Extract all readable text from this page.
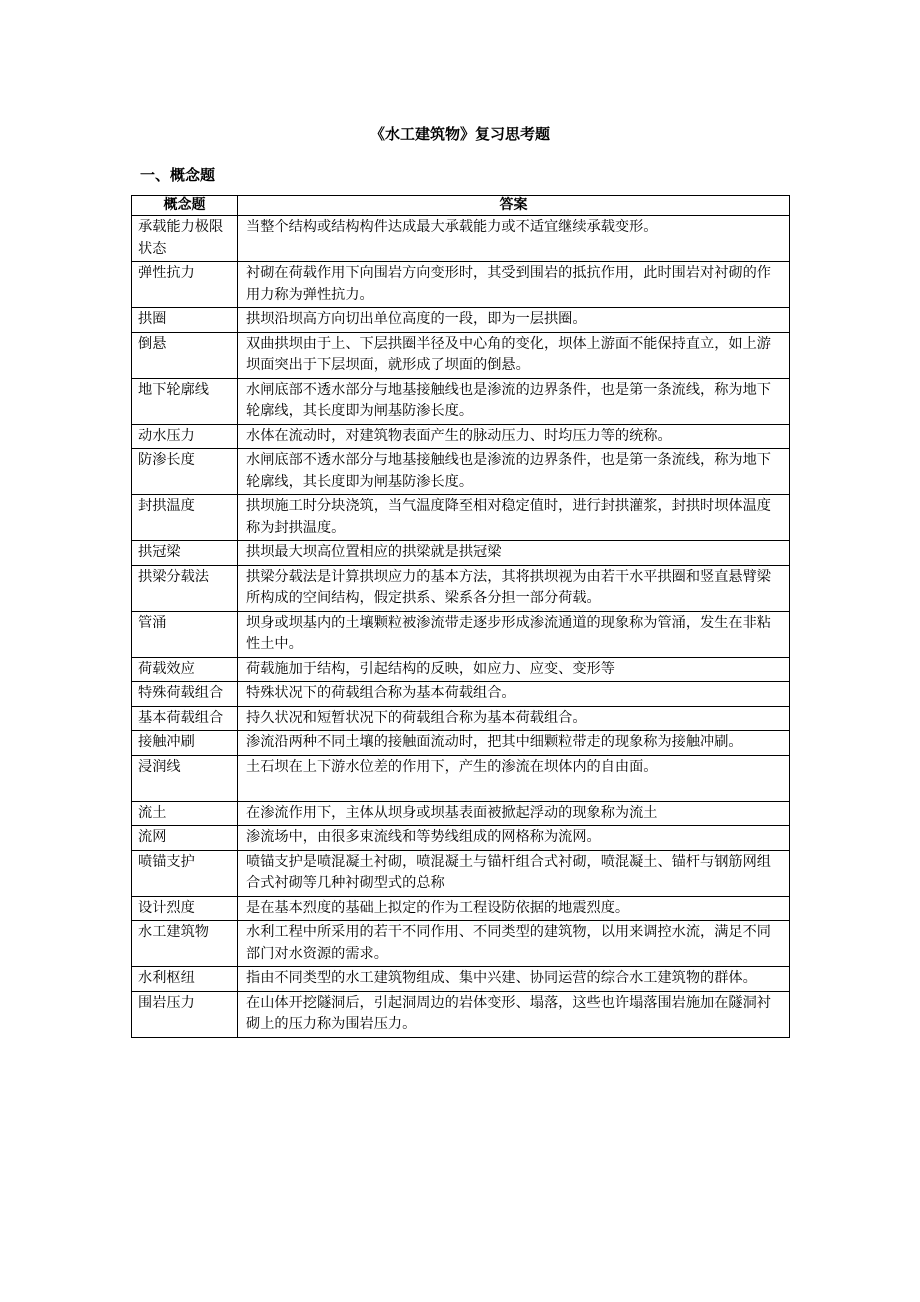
《水工建筑物》复习思考题
一、概念题
概念题	答案
承载能力极限状态	当整个结构或结构构件达成最大承载能力或不适宜继续承载变形。
弹性抗力	衬砌在荷载作用下向围岩方向变形时，其受到围岩的抵抗作用，此时围岩对衬砌的作用力称为弹性抗力。
拱圈	拱坝沿坝高方向切出单位高度的一段，即为一层拱圈。
倒悬	双曲拱坝由于上、下层拱圈半径及中心角的变化，坝体上游面不能保持直立，如上游坝面突出于下层坝面，就形成了坝面的倒悬。
地下轮廓线	水闸底部不透水部分与地基接触线也是渗流的边界条件，也是第一条流线，称为地下轮廓线，其长度即为闸基防渗长度。
动水压力	水体在流动时，对建筑物表面产生的脉动压力、时均压力等的统称。
防渗长度	水闸底部不透水部分与地基接触线也是渗流的边界条件，也是第一条流线，称为地下轮廓线，其长度即为闸基防渗长度。
封拱温度	拱坝施工时分块浇筑，当气温度降至相对稳定值时，进行封拱灌浆，封拱时坝体温度称为封拱温度。
拱冠梁	拱坝最大坝高位置相应的拱梁就是拱冠梁
拱梁分载法	拱梁分载法是计算拱坝应力的基本方法，其将拱坝视为由若干水平拱圈和竖直悬臂梁所构成的空间结构，假定拱系、梁系各分担一部分荷载。
管涌	坝身或坝基内的土壤颗粒被渗流带走逐步形成渗流通道的现象称为管涌，发生在非粘性土中。
荷载效应	荷载施加于结构，引起结构的反映，如应力、应变、变形等
特殊荷载组合	特殊状况下的荷载组合称为基本荷载组合。
基本荷载组合	持久状况和短暂状况下的荷载组合称为基本荷载组合。
接触冲刷	渗流沿两种不同土壤的接触面流动时，把其中细颗粒带走的现象称为接触冲刷。
浸润线	土石坝在上下游水位差的作用下，产生的渗流在坝体内的自由面。
流土	在渗流作用下，主体从坝身或坝基表面被掀起浮动的现象称为流土
流网	渗流场中，由很多束流线和等势线组成的网格称为流网。
喷锚支护	喷锚支护是喷混凝土衬砌，喷混凝土与锚杆组合式衬砌，喷混凝土、锚杆与钢筋网组合式衬砌等几种衬砌型式的总称
设计烈度	是在基本烈度的基础上拟定的作为工程设防依据的地震烈度。
水工建筑物	水利工程中所采用的若干不同作用、不同类型的建筑物，以用来调控水流，满足不同部门对水资源的需求。
水利枢纽	指由不同类型的水工建筑物组成、集中兴建、协同运营的综合水工建筑物的群体。
围岩压力	在山体开挖隧洞后，引起洞周边的岩体变形、塌落，这些也许塌落围岩施加在隧洞衬砌上的压力称为围岩压力。
